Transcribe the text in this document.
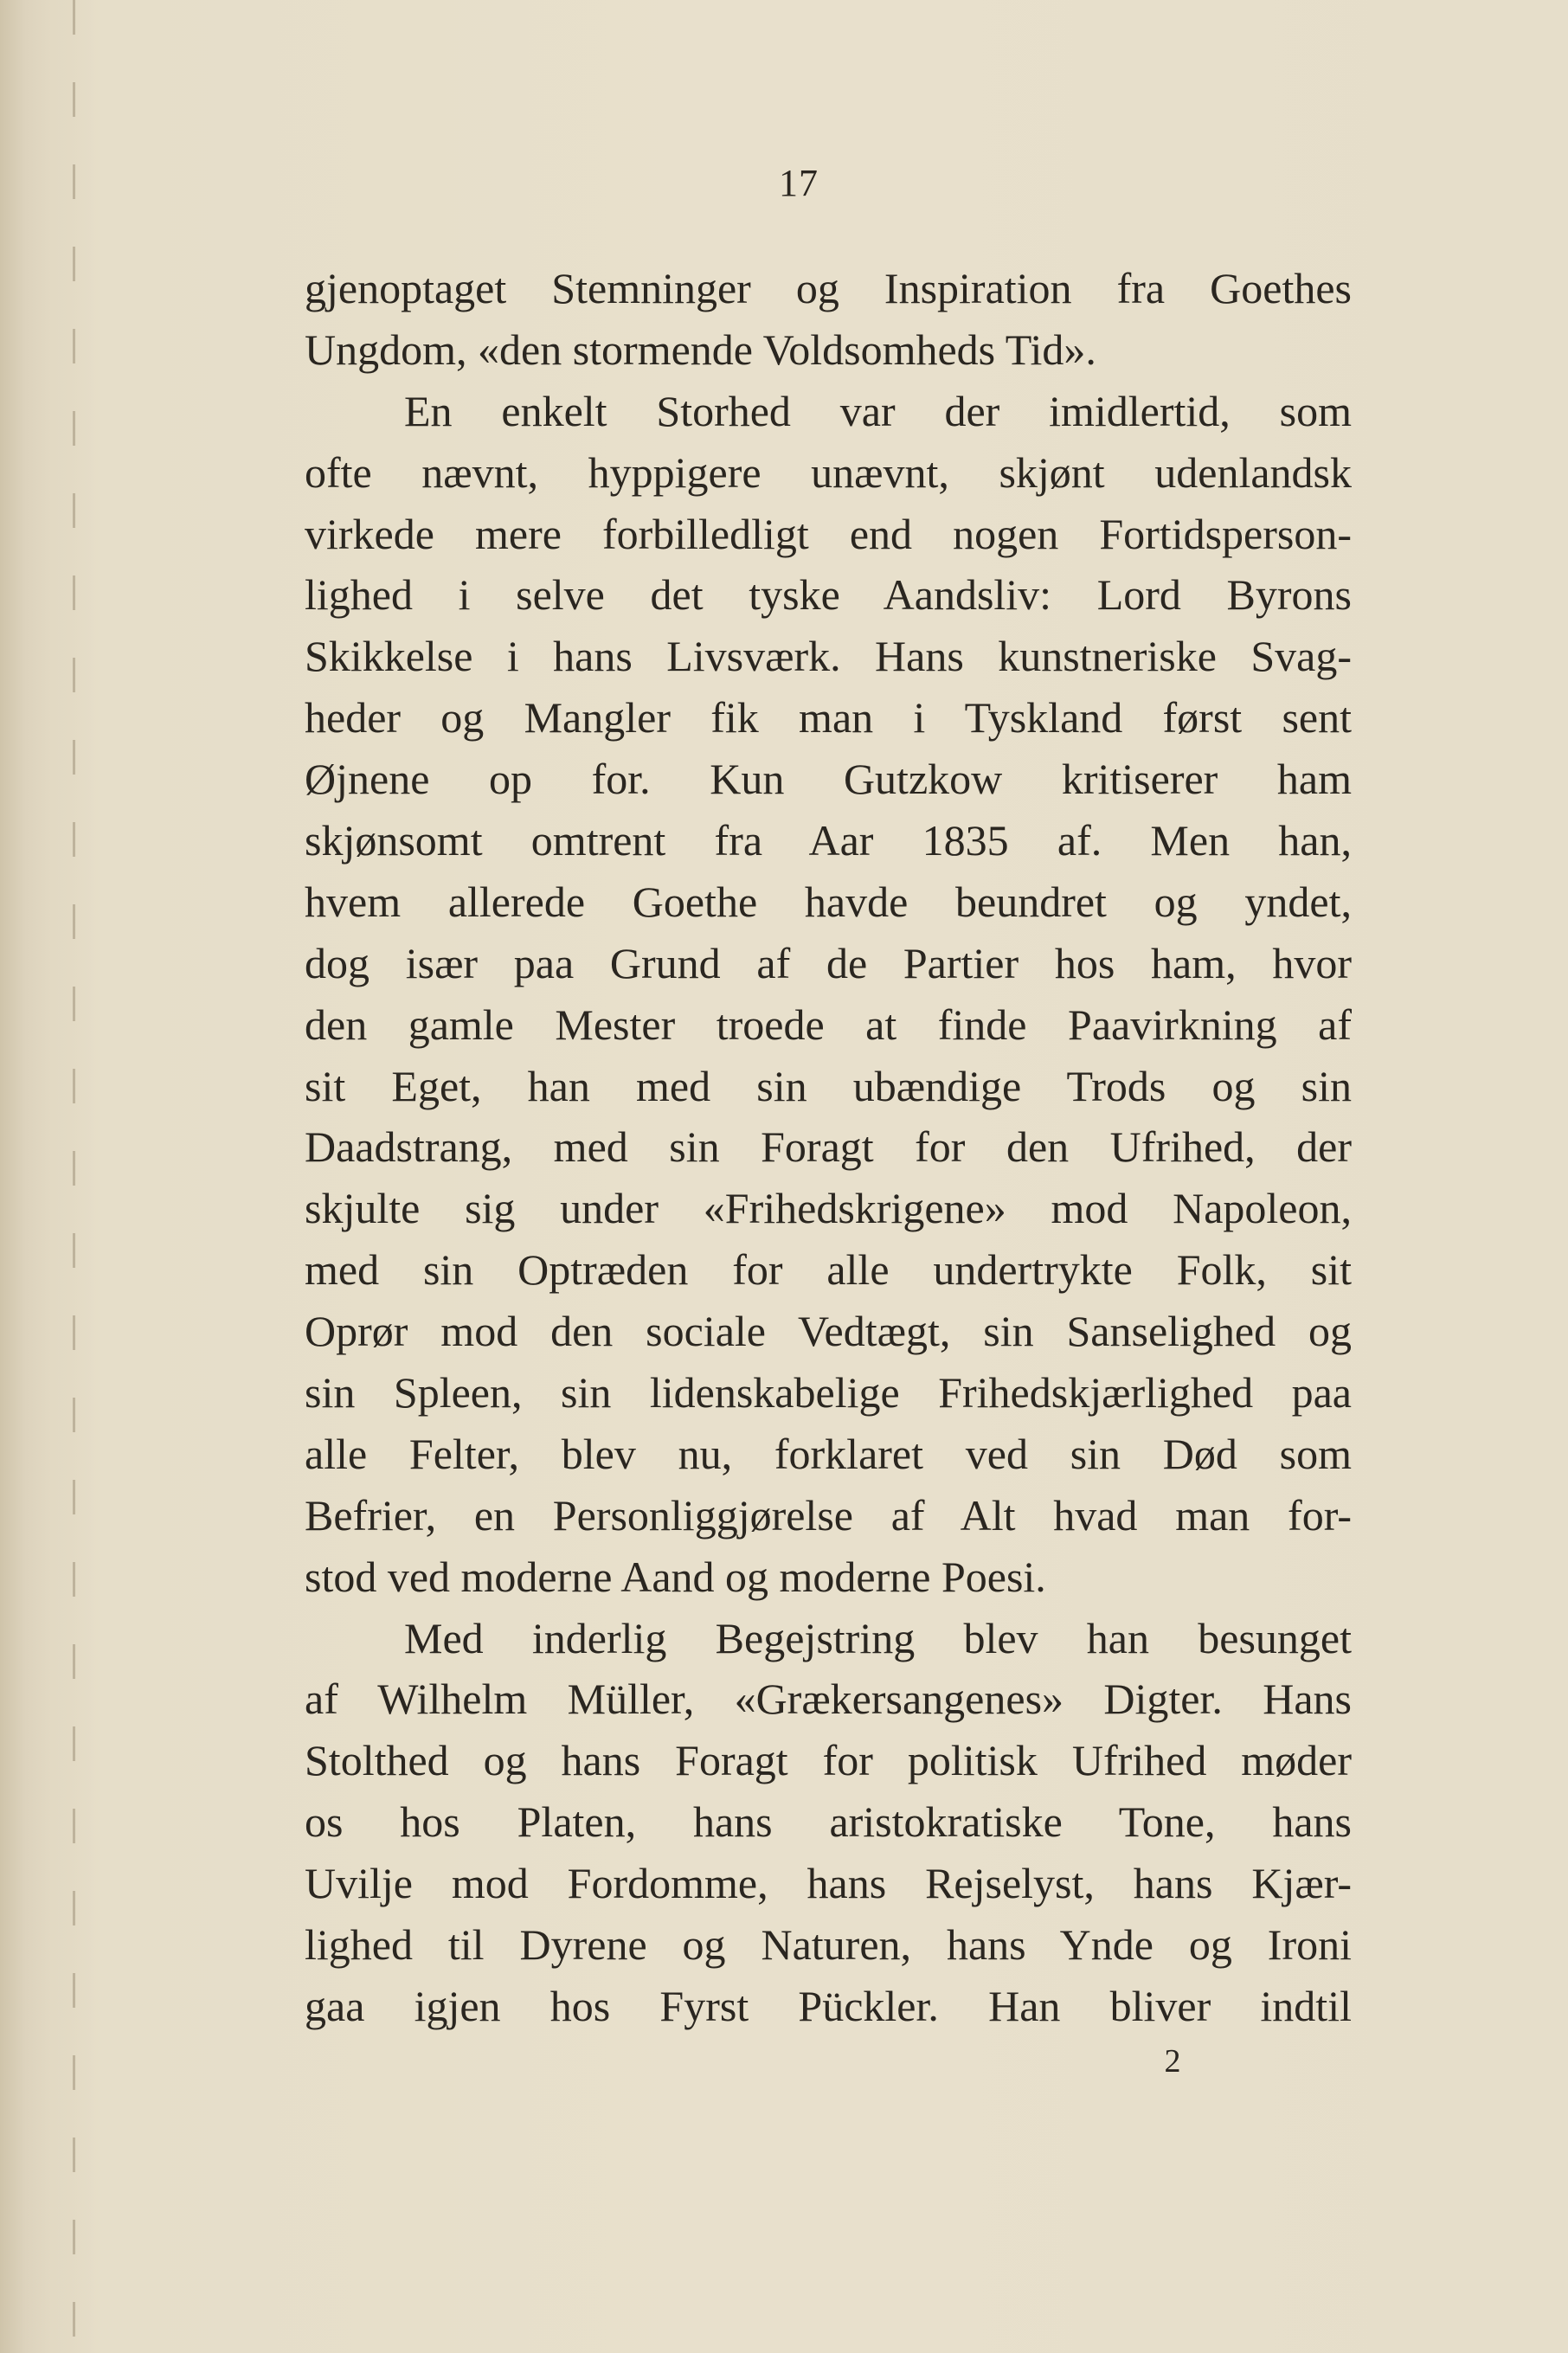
17
gjenoptaget Stemninger og Inspiration fra Goethes
Ungdom, «den stormende Voldsomheds Tid».
En enkelt Storhed var der imidlertid, som
ofte nævnt, hyppigere unævnt, skjønt udenlandsk
virkede mere forbilledligt end nogen Fortidsperson-
lighed i selve det tyske Aandsliv: Lord Byrons
Skikkelse i hans Livsværk. Hans kunstneriske Svag-
heder og Mangler fik man i Tyskland først sent
Øjnene op for. Kun Gutzkow kritiserer ham
skjønsomt omtrent fra Aar 1835 af. Men han,
hvem allerede Goethe havde beundret og yndet,
dog især paa Grund af de Partier hos ham, hvor
den gamle Mester troede at finde Paavirkning af
sit Eget, han med sin ubændige Trods og sin
Daadstrang, med sin Foragt for den Ufrihed, der
skjulte sig under «Frihedskrigene» mod Napoleon,
med sin Optræden for alle undertrykte Folk, sit
Oprør mod den sociale Vedtægt, sin Sanselighed og
sin Spleen, sin lidenskabelige Frihedskjærlighed paa
alle Felter, blev nu, forklaret ved sin Død som
Befrier, en Personliggjørelse af Alt hvad man for-
stod ved moderne Aand og moderne Poesi.
Med inderlig Begejstring blev han besunget
af Wilhelm Müller, «Grækersangenes» Digter. Hans
Stolthed og hans Foragt for politisk Ufrihed møder
os hos Platen, hans aristokratiske Tone, hans
Uvilje mod Fordomme, hans Rejselyst, hans Kjær-
lighed til Dyrene og Naturen, hans Ynde og Ironi
gaa igjen hos Fyrst Pückler. Han bliver indtil
2
